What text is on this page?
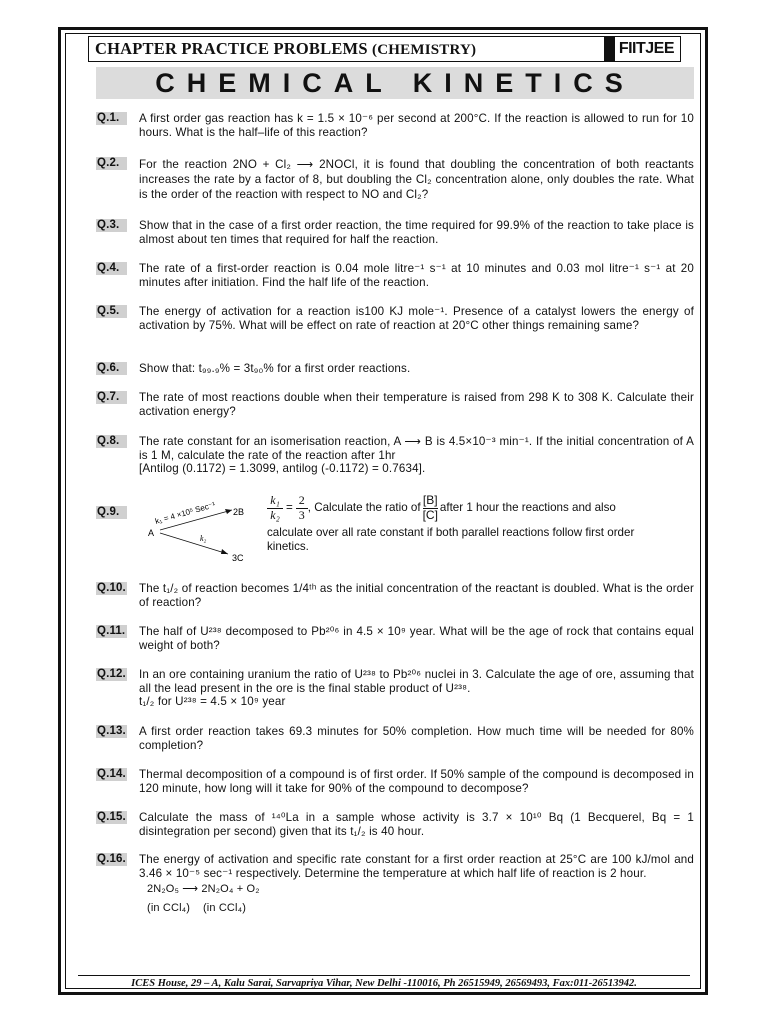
CHAPTER PRACTICE PROBLEMS (CHEMISTRY)	FIITJEE
CHEMICAL KINETICS
Q.1.	A first order gas reaction has k = 1.5 × 10⁻⁶ per second at 200°C. If the reaction is allowed to run for 10 hours. What is the half–life of this reaction?

Q.2.	For the reaction 2NO + Cl₂ ⟶ 2NOCl, it is found that doubling the concentration of both reactants increases the rate by a factor of 8, but doubling the Cl₂ concentration alone, only doubles the rate. What is the order of the reaction with respect to NO and Cl₂?

Q.3.	Show that in the case of a first order reaction, the time required for 99.9% of the reaction to take place is almost about ten times that required for half the reaction.

Q.4.	The rate of a first-order reaction is 0.04 mole litre⁻¹ s⁻¹ at 10 minutes and 0.03 mol litre⁻¹ s⁻¹ at 20 minutes after initiation. Find the half life of the reaction.

Q.5.	The energy of activation for a reaction is100 KJ mole⁻¹. Presence of a catalyst lowers the energy of activation by 75%. What will be effect on rate of reaction at 20°C other things remaining same?

Q.6.	Show that: t₉₉.₉% = 3t₉₀% for a first order reactions.

Q.7.	The rate of most reactions double when their temperature is raised from 298 K to 308 K. Calculate their activation energy?

Q.8.	The rate constant for an isomerisation reaction, A ⟶ B is 4.5×10⁻³ min⁻¹. If the initial concentration of A is 1 M, calculate the rate of the reaction after 1hr

[Antilog (0.1172) = 1.3099, antilog (-0.1172) = 0.7634].

Q.9.
A
2B
3C
k₁ = 4 ×10⁵ Sec⁻¹
k₂
$\frac{\text{k₁}}{\text{k₂}} = \frac{2}{3}$ , Calculate the ratio of
[B]
[C] after 1 hour the reactions and also
calculate over all rate constant if both parallel reactions follow first order kinetics.
Q.10. The t₁/₂ of reaction becomes 1/4ᵗʰ as the initial concentration of the reactant is doubled. What is the order of reaction?

Q.11. The half of U²³⁸ decomposed to Pb²⁰⁶ in 4.5 × 10⁹ year. What will be the age of rock that contains equal weight of both?

Q.12. In an ore containing uranium the ratio of U²³⁸ to Pb²⁰⁶ nuclei in 3. Calculate the age of ore, assuming that all the lead present in the ore is the final stable product of U²³⁸.

t₁/₂ for U²³⁸ = 4.5 × 10⁹ year

Q.13. A first order reaction takes 69.3 minutes for 50% completion. How much time will be needed for 80% completion?

Q.14. Thermal decomposition of a compound is of first order. If 50% sample of the compound is decomposed in 120 minute, how long will it take for 90% of the compound to decompose?

Q.15. Calculate the mass of ¹⁴⁰La in a sample whose activity is 3.7 × 10¹⁰ Bq (1 Becquerel, Bq = 1 disintegration per second) given that its t₁/₂ is 40 hour.

Q.16. The energy of activation and specific rate constant for a first order reaction at 25°C are 100 kJ/mol and 3.46 × 10⁻⁵ sec⁻¹ respectively. Determine the temperature at which half life of reaction is 2 hour.

2N₂O₅ ⟶ 2N₂O₄ + O₂
(in CCl₄)    (in CCl₄)
ICES House, 29 – A, Kalu Sarai, Sarvapriya Vihar, New Delhi -110016, Ph 26515949, 26569493, Fax:011-26513942.
